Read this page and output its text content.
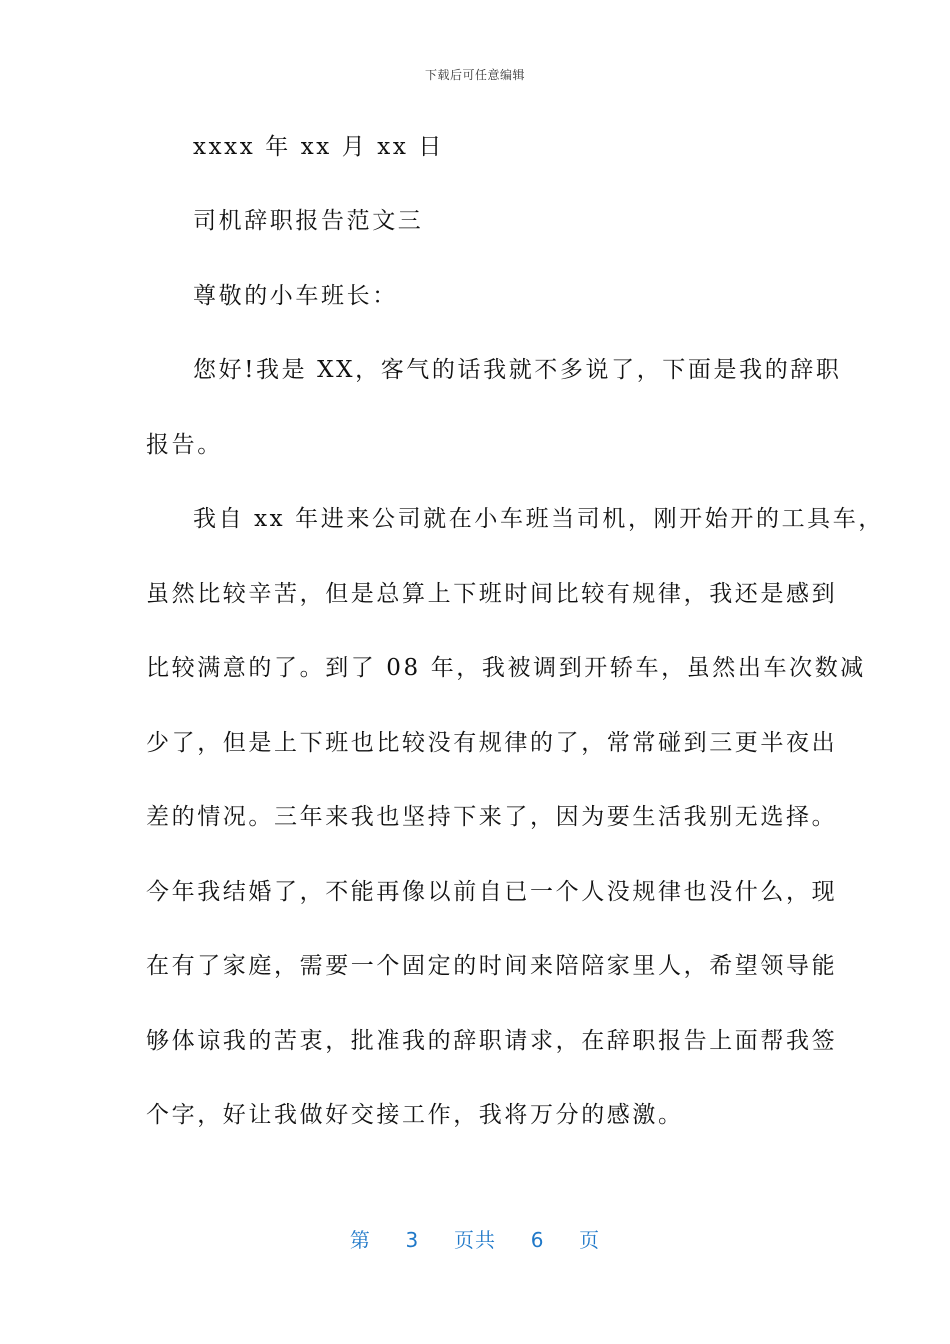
下载后可任意编辑
xxxx 年 xx 月 xx 日
司机辞职报告范文三
尊敬的小车班长：
您好!我是 XX，客气的话我就不多说了，下面是我的辞职
报告。
我自 xx 年进来公司就在小车班当司机，刚开始开的工具车，
虽然比较辛苦，但是总算上下班时间比较有规律，我还是感到
比较满意的了。到了 08 年，我被调到开轿车，虽然出车次数减
少了，但是上下班也比较没有规律的了，常常碰到三更半夜出
差的情况。三年来我也坚持下来了，因为要生活我别无选择。
今年我结婚了，不能再像以前自已一个人没规律也没什么，现
在有了家庭，需要一个固定的时间来陪陪家里人，希望领导能
够体谅我的苦衷，批准我的辞职请求，在辞职报告上面帮我签
个字，好让我做好交接工作，我将万分的感激。
第 3 页共 6 页
